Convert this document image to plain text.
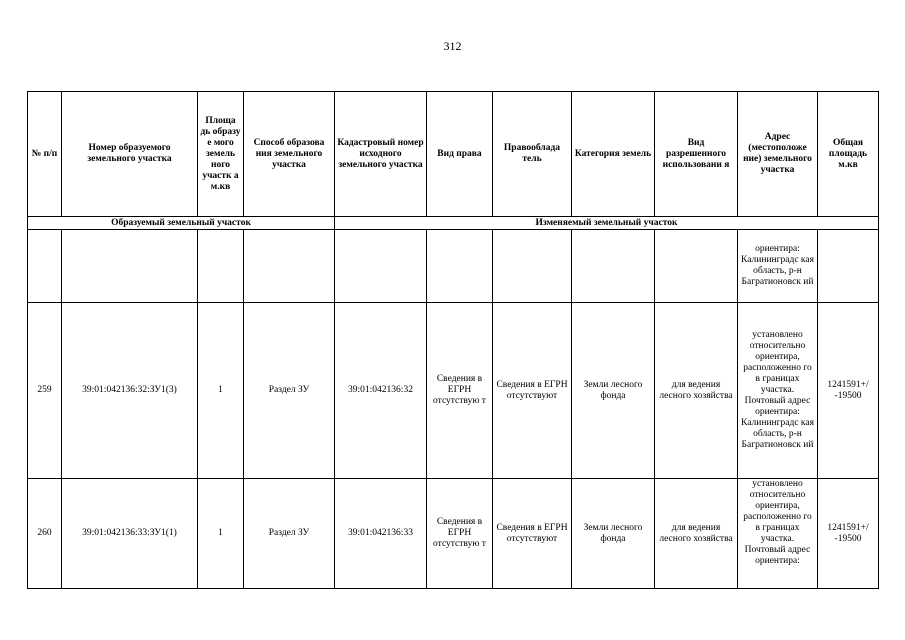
312
№ п/п	Номер образуемого земельного участка	Площа дь образу е мого земель ного участк а м.кв	Способ образова ния земельного участка	Кадастровый номер исходного земельного участка	Вид права	Правооблада тель	Категория земель	Вид разрешенного использовани я	Адрес (местоположе ние) земельного участка	Общая площадь м.кв
Образуемый земельный участок				Изменяемый земельный участок						
									ориентира: Калининградс кая область, р-н Багратионовск ий	
259	39:01:042136:32:ЗУ1(3)	1	Раздел ЗУ	39:01:042136:32	Сведения в ЕГРН отсутствую т	Сведения в ЕГРН отсутствуют	Земли лесного фонда	для ведения лесного хозяйства	установлено относительно ориентира, расположенно го в границах участка. Почтовый адрес ориентира: Калининградс кая область, р-н Багратионовск ий	1241591+/ -19500
260	39:01:042136:33:ЗУ1(1)	1	Раздел ЗУ	39:01:042136:33	Сведения в ЕГРН отсутствую т	Сведения в ЕГРН отсутствуют	Земли лесного фонда	для ведения лесного хозяйства	установлено относительно ориентира, расположенно го в границах участка. Почтовый адрес ориентира:	1241591+/ -19500
